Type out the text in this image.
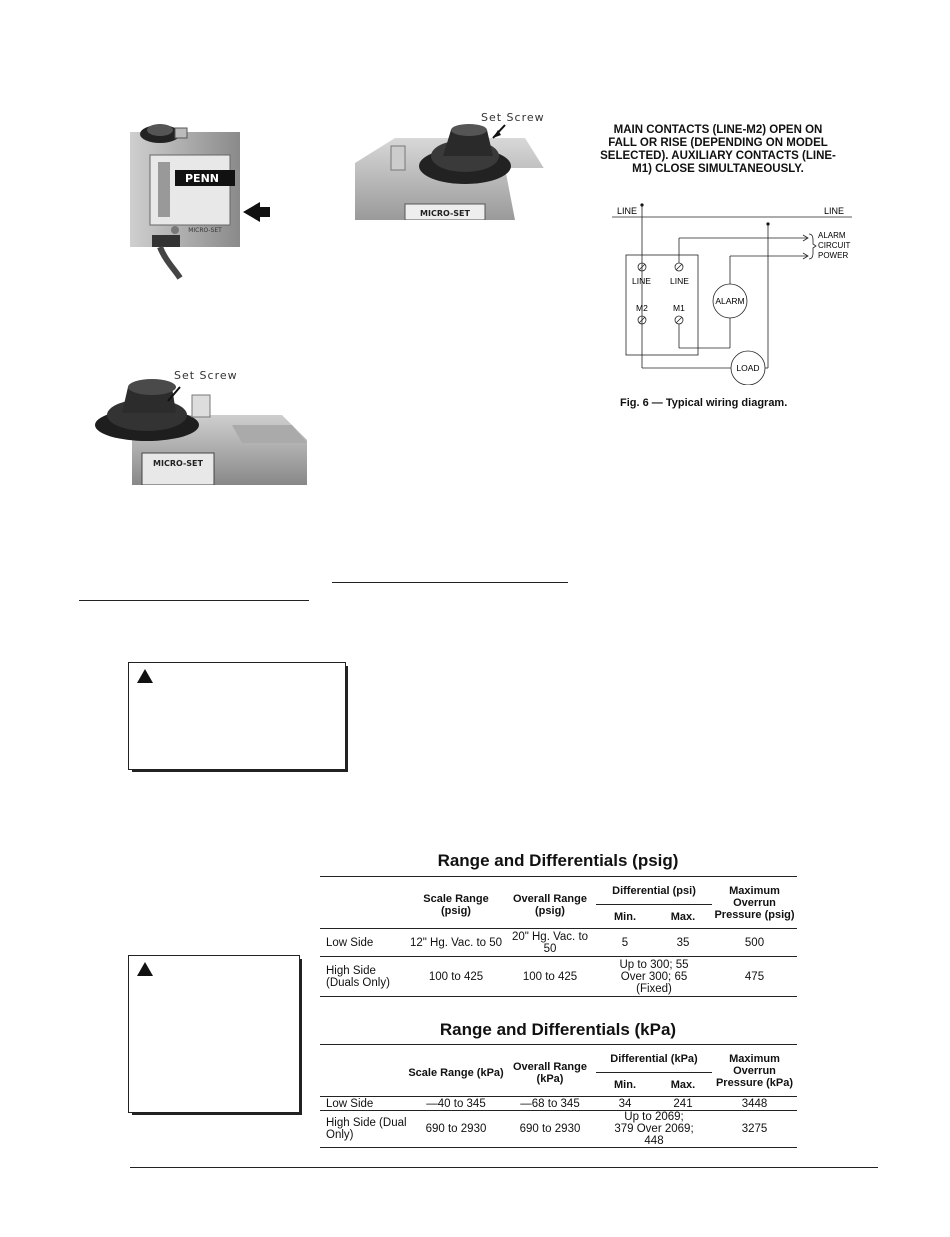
PENN
MICRO-SET
Set Screw
MICRO-SET
Set Screw
MICRO-SET
MAIN CONTACTS (LINE-M2) OPEN ON FALL OR RISE (DEPENDING ON MODEL SELECTED). AUXILIARY CONTACTS (LINE-M1) CLOSE SIMULTANEOUSLY.
LINE	LINE
LINE LINE
M2	M1
ALARM
CIRCUIT
POWER
ALARM
LOAD
Fig. 6 — Typical wiring diagram.
Range and Differentials (psig)
	Scale Range (psig)	Overall Range (psig)	Differential (psi)		Maximum Overrun Pressure (psig)
			Min.	Max.	
Low Side	12" Hg. Vac. to 50	20" Hg. Vac. to 50	5	35	500
High Side (Duals Only)	100 to 425	100 to 425	Up to 300; 55 Over 300; 65 (Fixed)		475
Range and Differentials (kPa)
	Scale Range (kPa)	Overall Range (kPa)	Differential (kPa)		Maximum Overrun Pressure (kPa)
			Min.	Max.	
Low Side	—40 to 345	—68 to 345	34	241	3448
High Side (Dual Only)	690 to 2930	690 to 2930	Up to 2069; 379 Over 2069; 448		3275
